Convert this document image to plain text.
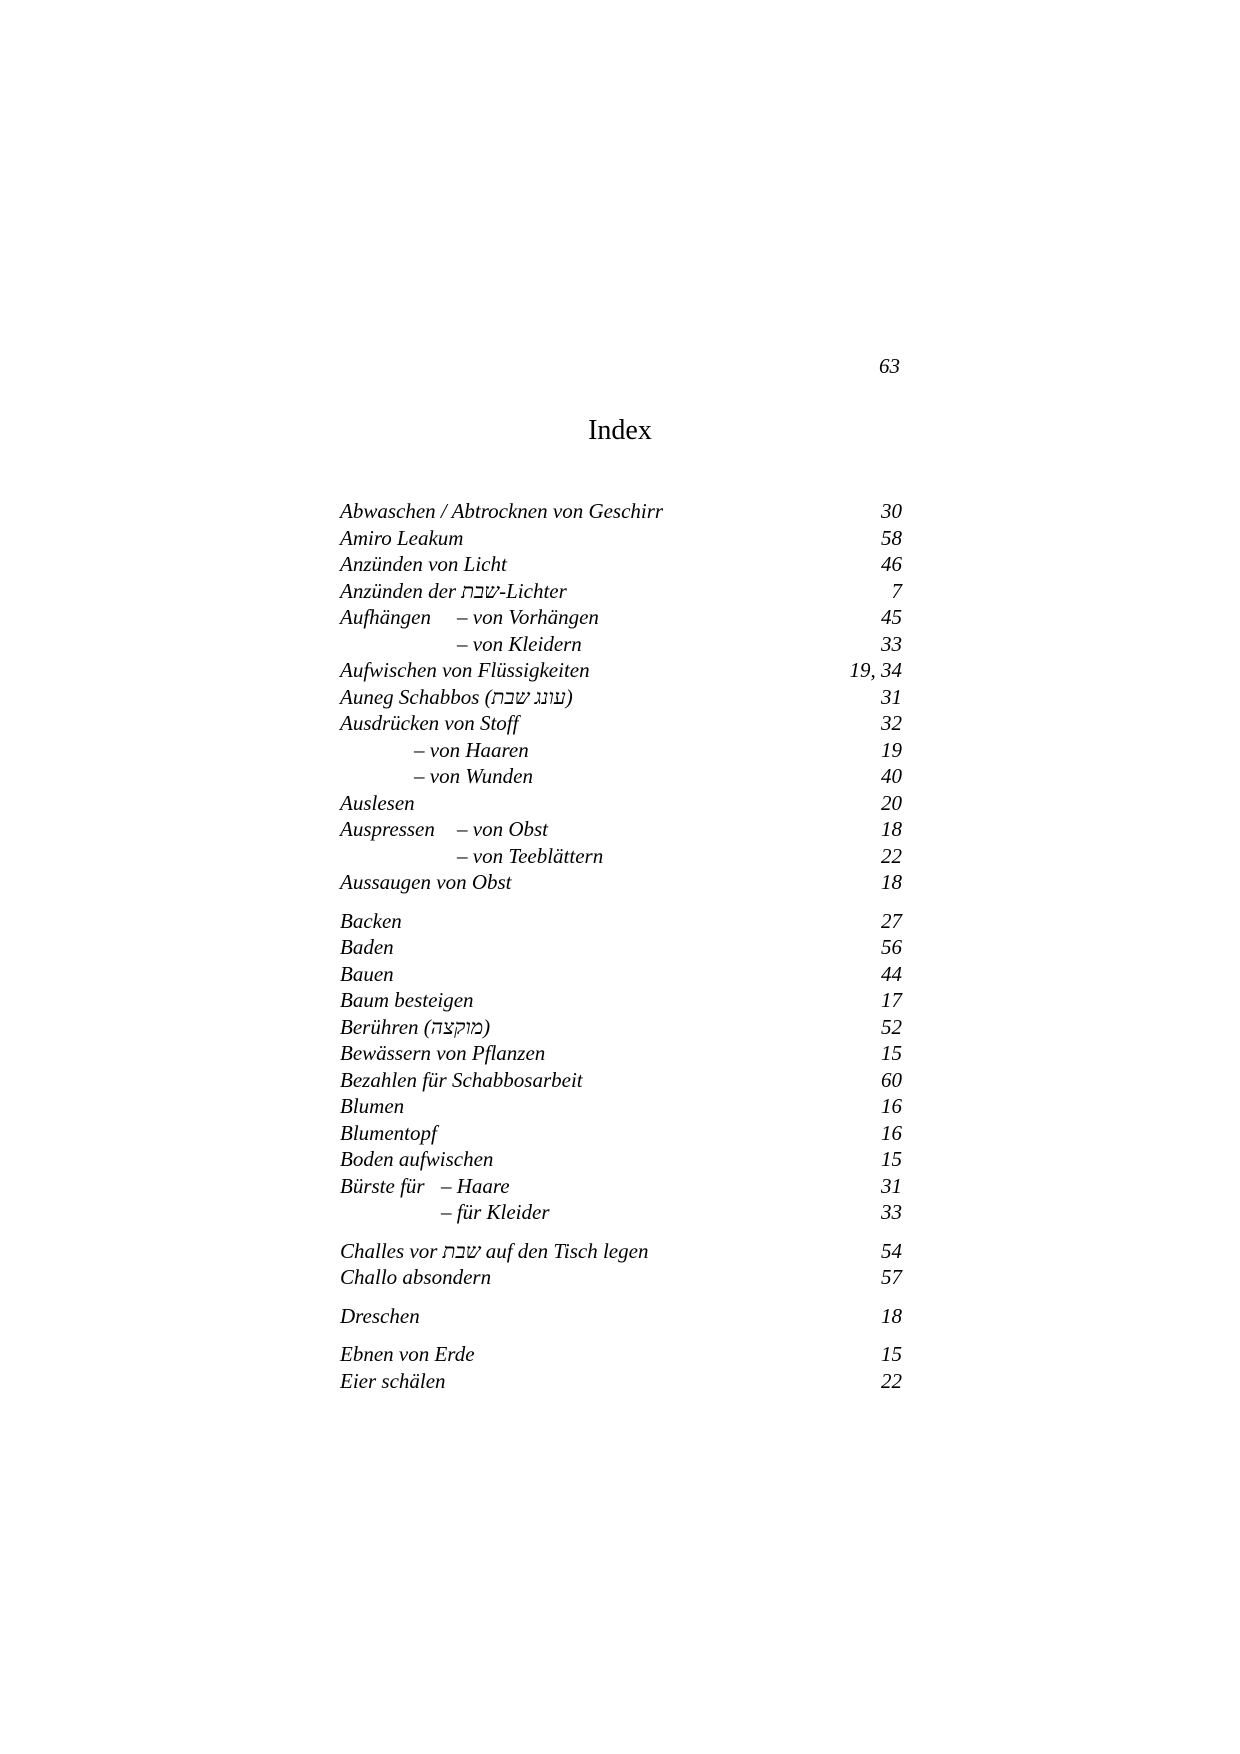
63
Index
Abwaschen / Abtrocknen von Geschirr	30
Amiro Leakum	58
Anzünden von Licht	46
Anzünden der שבת-Lichter	7
Aufhängen	– von Vorhängen	45
– von Kleidern	33
Aufwischen von Flüssigkeiten	19, 34
Auneg Schabbos (עונג שבת)	31
Ausdrücken von Stoff	32
– von Haaren	19
– von Wunden	40
Auslesen	20
Auspressen	– von Obst	18
– von Teeblättern	22
Aussaugen von Obst	18
Backen	27
Baden	56
Bauen	44
Baum besteigen	17
Berühren (מוקצה)	52
Bewässern von Pflanzen	15
Bezahlen für Schabbosarbeit	60
Blumen	16
Blumentopf	16
Boden aufwischen	15
Bürste für – Haare	31
– für Kleider	33
Challes vor שבת auf den Tisch legen	54
Challo absondern	57
Dreschen	18
Ebnen von Erde	15
Eier schälen	22
